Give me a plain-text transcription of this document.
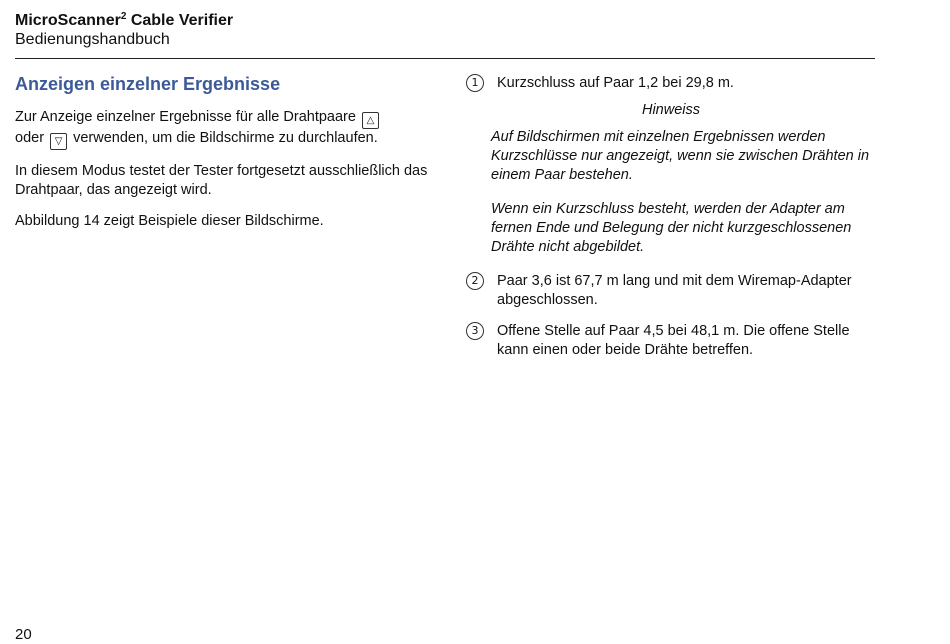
MicroScanner$^2$ Cable Verifier

Bedienungshandbuch

Anzeigen einzelner Ergebnisse

Zur Anzeige einzelner Ergebnisse für alle Drahtpaare △
oder ▽ verwenden, um die Bildschirme zu durchlaufen.

In diesem Modus testet der Tester fortgesetzt ausschließlich das Drahtpaar, das angezeigt wird.

Abbildung 14 zeigt Beispiele dieser Bildschirme.

1	Kurzschluss auf Paar 1,2 bei 29,8 m.

Hinweiss

Auf Bildschirmen mit einzelnen Ergebnissen werden Kurzschlüsse nur angezeigt, wenn sie zwischen Drähten in einem Paar bestehen.

Wenn ein Kurzschluss besteht, werden der Adapter am fernen Ende und Belegung der nicht kurzgeschlossenen Drähte nicht abgebildet.

2	Paar 3,6 ist 67,7 m lang und mit dem Wiremap-Adapter abgeschlossen.
3	Offene Stelle auf Paar 4,5 bei 48,1 m. Die offene Stelle kann einen oder beide Drähte betreffen.
20
